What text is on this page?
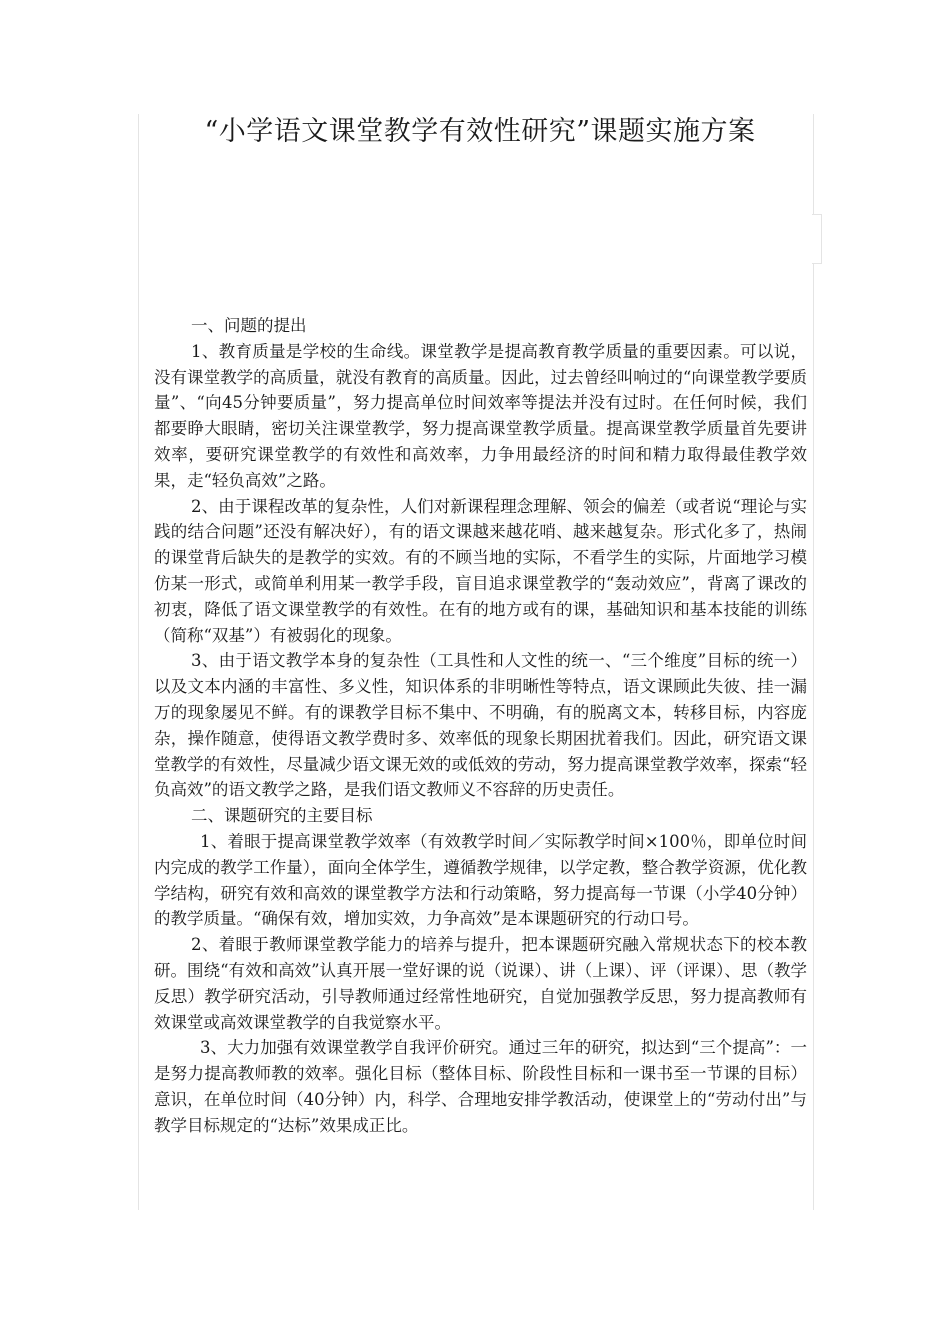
“小学语文课堂教学有效性研究”课题实施方案

一、问题的提出

1、教育质量是学校的生命线。课堂教学是提高教育教学质量的重要因素。可以说，没有课堂教学的高质量，就没有教育的高质量。因此，过去曾经叫响过的“向课堂教学要质量”、“向45分钟要质量”，努力提高单位时间效率等提法并没有过时。在任何时候，我们都要睁大眼睛，密切关注课堂教学，努力提高课堂教学质量。提高课堂教学质量首先要讲效率，要研究课堂教学的有效性和高效率，力争用最经济的时间和精力取得最佳教学效果，走“轻负高效”之路。

2、由于课程改革的复杂性，人们对新课程理念理解、领会的偏差（或者说“理论与实践的结合问题”还没有解决好），有的语文课越来越花哨、越来越复杂。形式化多了，热闹的课堂背后缺失的是教学的实效。有的不顾当地的实际，不看学生的实际，片面地学习模仿某一形式，或简单利用某一教学手段，盲目追求课堂教学的“轰动效应”，背离了课改的初衷，降低了语文课堂教学的有效性。在有的地方或有的课，基础知识和基本技能的训练（简称“双基”）有被弱化的现象。

3、由于语文教学本身的复杂性（工具性和人文性的统一、“三个维度”目标的统一）以及文本内涵的丰富性、多义性，知识体系的非明晰性等特点，语文课顾此失彼、挂一漏万的现象屡见不鲜。有的课教学目标不集中、不明确，有的脱离文本，转移目标，内容庞杂，操作随意，使得语文教学费时多、效率低的现象长期困扰着我们。因此，研究语文课堂教学的有效性，尽量减少语文课无效的或低效的劳动，努力提高课堂教学效率，探索“轻负高效”的语文教学之路，是我们语文教师义不容辞的历史责任。

二、课题研究的主要目标

1、着眼于提高课堂教学效率（有效教学时间／实际教学时间×100％，即单位时间内完成的教学工作量），面向全体学生，遵循教学规律，以学定教，整合教学资源，优化教学结构，研究有效和高效的课堂教学方法和行动策略，努力提高每一节课（小学40分钟）的教学质量。“确保有效，增加实效，力争高效”是本课题研究的行动口号。

2、着眼于教师课堂教学能力的培养与提升，把本课题研究融入常规状态下的校本教研。围绕“有效和高效”认真开展一堂好课的说（说课）、讲（上课）、评（评课）、思（教学反思）教学研究活动，引导教师通过经常性地研究，自觉加强教学反思，努力提高教师有效课堂或高效课堂教学的自我觉察水平。

3、大力加强有效课堂教学自我评价研究。通过三年的研究，拟达到“三个提高”：一是努力提高教师教的效率。强化目标（整体目标、阶段性目标和一课书至一节课的目标）意识，在单位时间（40分钟）内，科学、合理地安排学教活动，使课堂上的“劳动付出”与教学目标规定的“达标”效果成正比。
